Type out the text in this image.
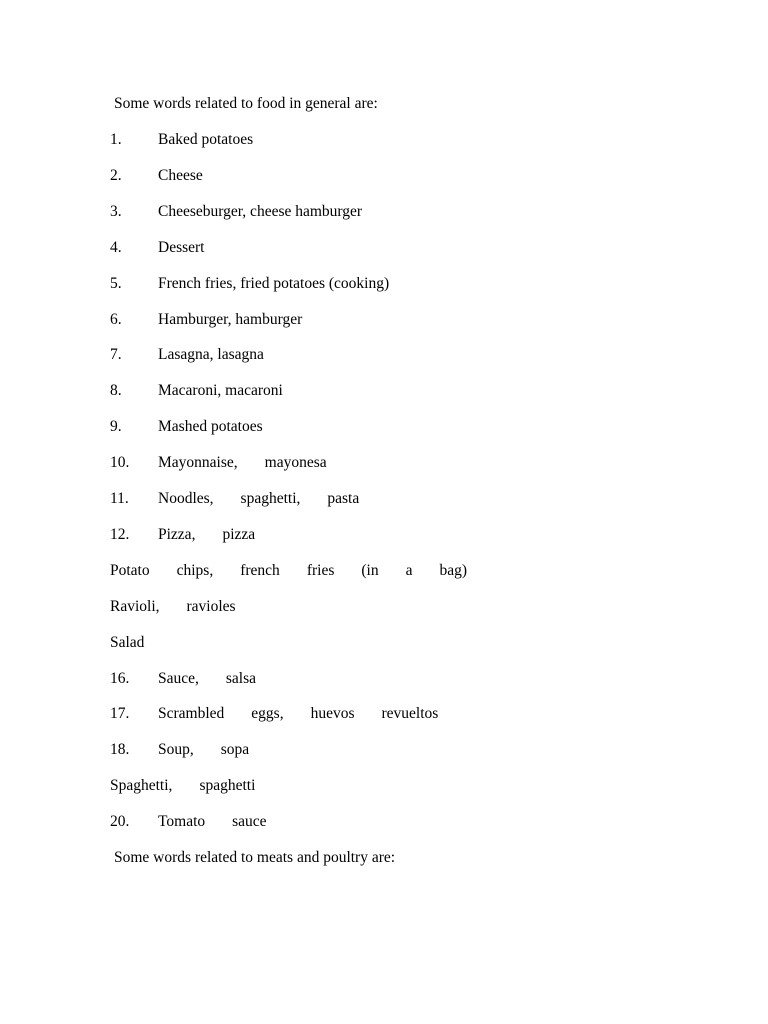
Some words related to food in general are:
1. Baked potatoes
2. Cheese
3. Cheeseburger, cheese hamburger
4. Dessert
5. French fries, fried potatoes (cooking)
6. Hamburger, hamburger
7. Lasagna, lasagna
8. Macaroni, macaroni
9. Mashed potatoes
10. Mayonnaise, mayonesa
11. Noodles, spaghetti, pasta
12. Pizza, pizza
Potato chips, french fries (in a bag)
Ravioli, ravioles
Salad
16. Sauce, salsa
17. Scrambled eggs, huevos revueltos
18. Soup, sopa
Spaghetti, spaghetti
20. Tomato sauce
Some words related to meats and poultry are:
